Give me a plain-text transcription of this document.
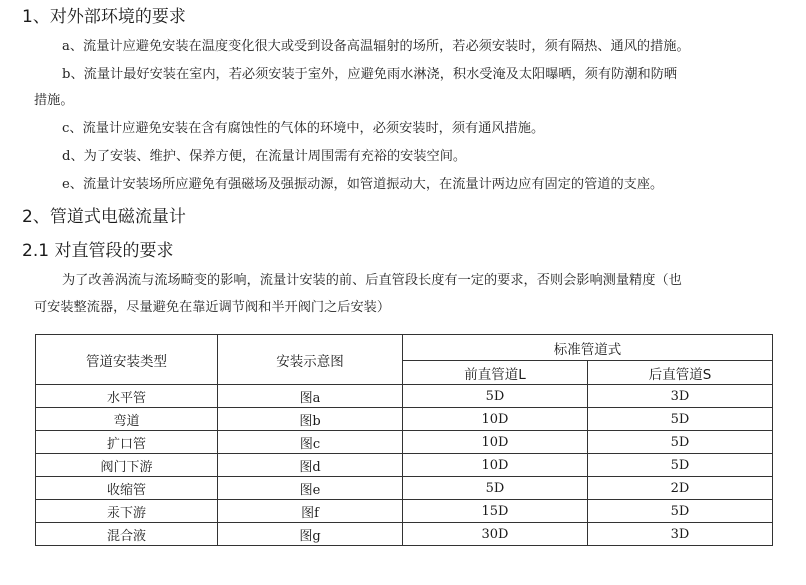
1、对外部环境的要求
a、流量计应避免安装在温度变化很大或受到设备高温辐射的场所，若必须安装时，须有隔热、通风的措施。
b、流量计最好安装在室内，若必须安装于室外，应避免雨水淋浇，积水受淹及太阳曝晒，须有防潮和防晒
措施。
c、流量计应避免安装在含有腐蚀性的气体的环境中，必须安装时，须有通风措施。
d、为了安装、维护、保养方便，在流量计周围需有充裕的安装空间。
e、流量计安装场所应避免有强磁场及强振动源，如管道振动大，在流量计两边应有固定的管道的支座。
2、管道式电磁流量计
2.1 对直管段的要求
为了改善涡流与流场畸变的影响，流量计安装的前、后直管段长度有一定的要求，否则会影响测量精度（也
可安装整流器，尽量避免在靠近调节阀和半开阀门之后安装）
管道安装类型	安装示意图	标准管道式	
		前直管道L	后直管道S
水平管	图a	5D	3D
弯道	图b	10D	5D
扩口管	图c	10D	5D
阀门下游	图d	10D	5D
收缩管	图e	5D	2D
汞下游	图f	15D	5D
混合液	图g	30D	3D
